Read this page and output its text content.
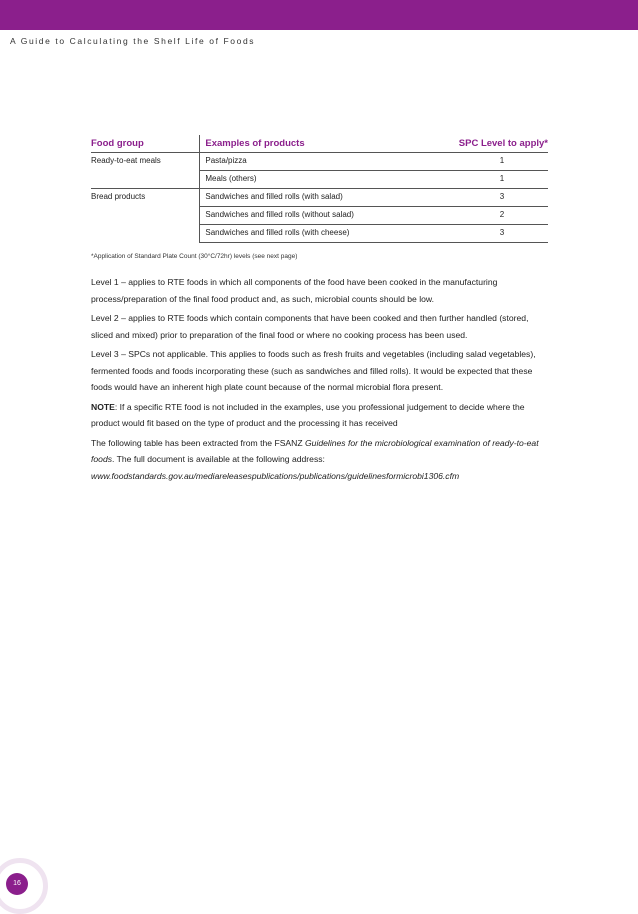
A Guide to Calculating the Shelf Life of Foods
Food group	Examples of products	SPC Level to apply*
Ready-to-eat meals	Pasta/pizza	1
	Meals (others)	1
Bread products	Sandwiches and filled rolls (with salad)	3
	Sandwiches and filled rolls (without salad)	2
	Sandwiches and filled rolls (with cheese)	3
*Application of Standard Plate Count (30°C/72hr) levels (see next page)

Level 1 – applies to RTE foods in which all components of the food have been cooked in the manufacturing process/preparation of the final food product and, as such, microbial counts should be low.

Level 2 – applies to RTE foods which contain components that have been cooked and then further handled (stored, sliced and mixed) prior to preparation of the final food or where no cooking process has been used.

Level 3 – SPCs not applicable. This applies to foods such as fresh fruits and vegetables (including salad vegetables), fermented foods and foods incorporating these (such as sandwiches and filled rolls). It would be expected that these foods would have an inherent high plate count because of the normal microbial flora present.

NOTE: If a specific RTE food is not included in the examples, use you professional judgement to decide where the product would fit based on the type of product and the processing it has received

The following table has been extracted from the FSANZ Guidelines for the microbiological examination of ready-to-eat foods. The full document is available at the following address:
www.foodstandards.gov.au/mediareleasespublications/publications/guidelinesformicrobi1306.cfm

16
